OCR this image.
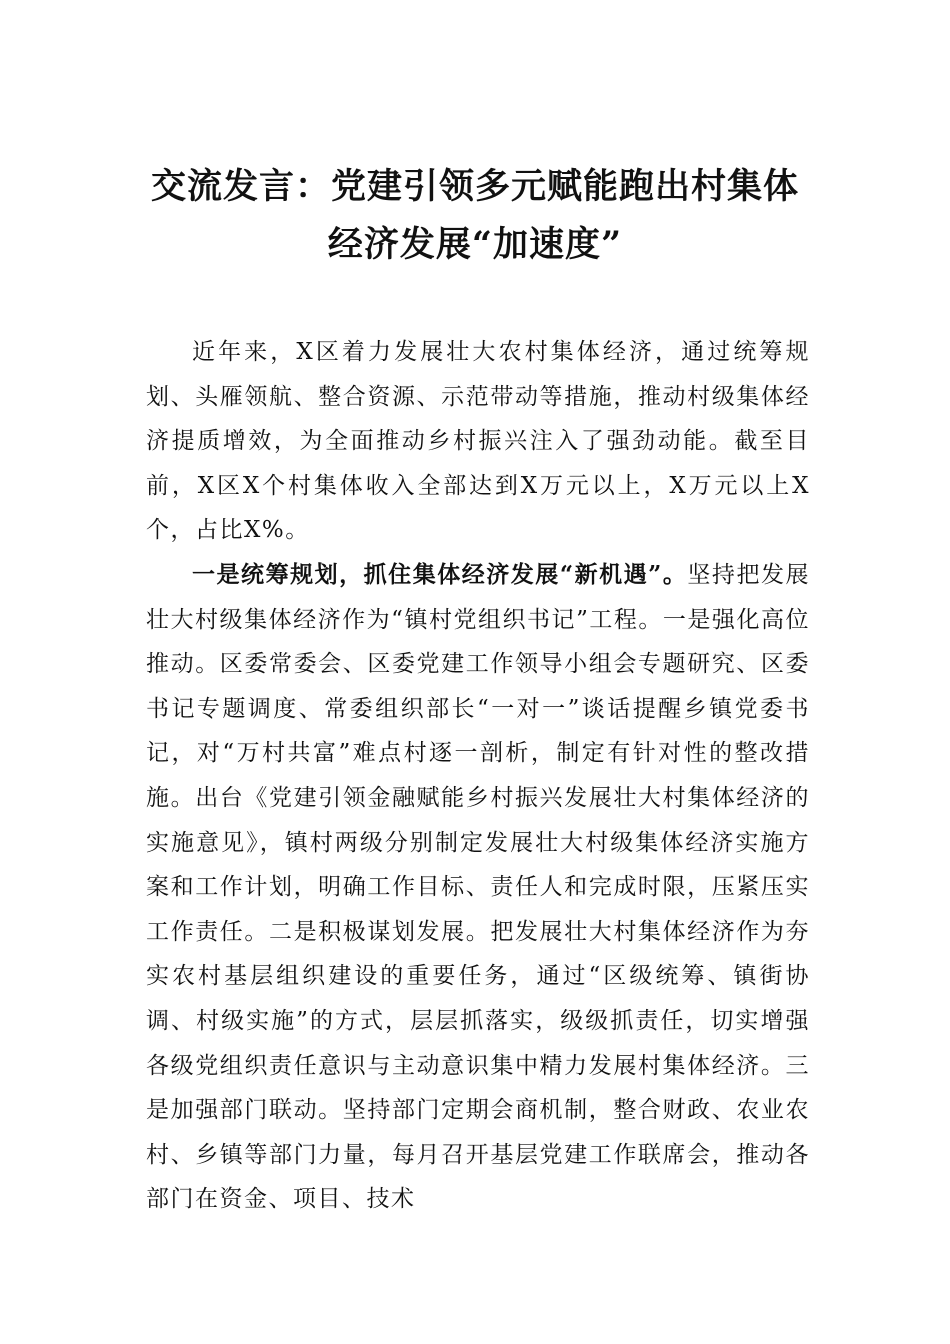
交流发言：党建引领多元赋能跑出村集体
经济发展“加速度”

近年来，X区着力发展壮大农村集体经济，通过统筹规划、头雁领航、整合资源、示范带动等措施，推动村级集体经济提质增效，为全面推动乡村振兴注入了强劲动能。截至目前，X区X个村集体收入全部达到X万元以上，X万元以上X个，占比X%。

一是统筹规划，抓住集体经济发展“新机遇”。坚持把发展壮大村级集体经济作为“镇村党组织书记”工程。一是强化高位推动。区委常委会、区委党建工作领导小组会专题研究、区委书记专题调度、常委组织部长“一对一”谈话提醒乡镇党委书记，对“万村共富”难点村逐一剖析，制定有针对性的整改措施。出台《党建引领金融赋能乡村振兴发展壮大村集体经济的实施意见》，镇村两级分别制定发展壮大村级集体经济实施方案和工作计划，明确工作目标、责任人和完成时限，压紧压实工作责任。二是积极谋划发展。把发展壮大村集体经济作为夯实农村基层组织建设的重要任务，通过“区级统筹、镇街协调、村级实施”的方式，层层抓落实，级级抓责任，切实增强各级党组织责任意识与主动意识集中精力发展村集体经济。三是加强部门联动。坚持部门定期会商机制，整合财政、农业农村、乡镇等部门力量，每月召开基层党建工作联席会，推动各部门在资金、项目、技术
